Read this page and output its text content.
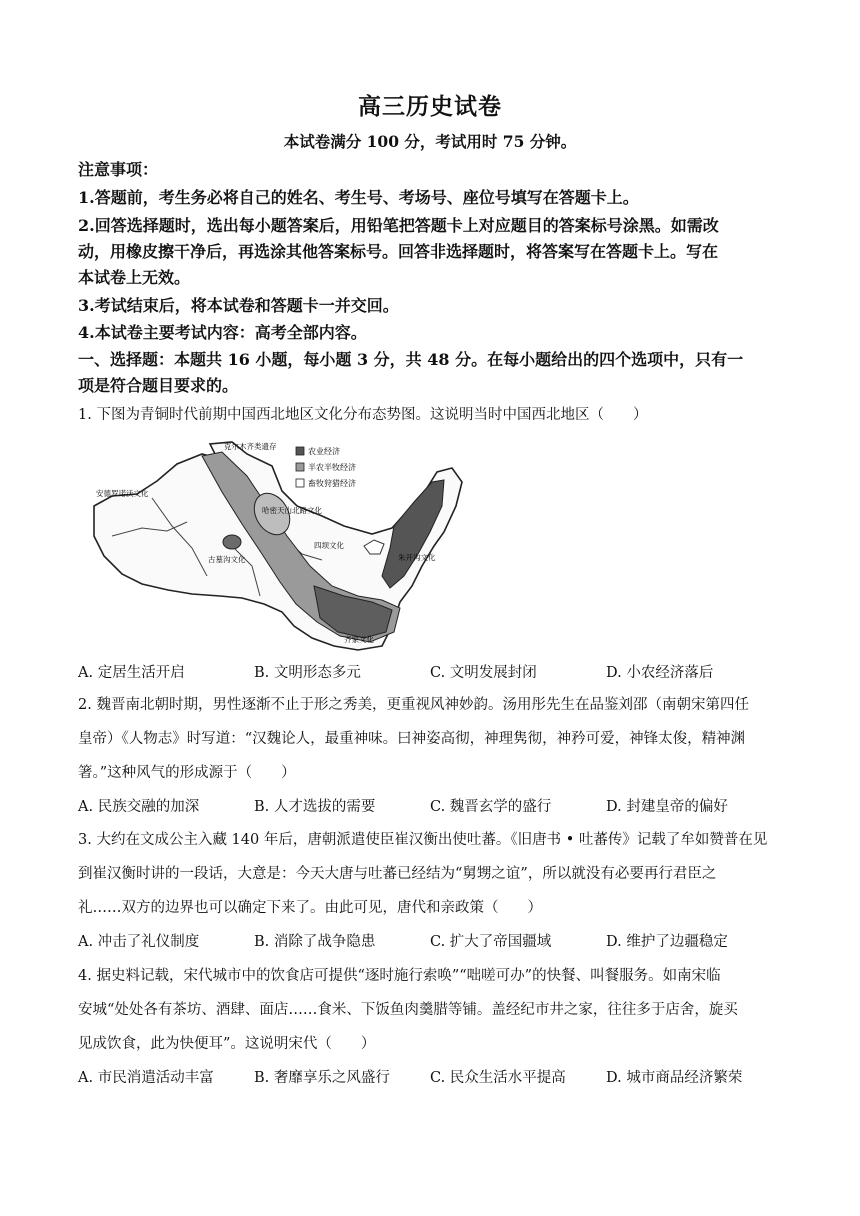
高三历史试卷
本试卷满分 100 分，考试用时 75 分钟。
注意事项：
1.答题前，考生务必将自己的姓名、考生号、考场号、座位号填写在答题卡上。
2.回答选择题时，选出每小题答案后，用铅笔把答题卡上对应题目的答案标号涂黑。如需改
动，用橡皮擦干净后，再选涂其他答案标号。回答非选择题时，将答案写在答题卡上。写在
本试卷上无效。
3.考试结束后，将本试卷和答题卡一并交回。
4.本试卷主要考试内容：高考全部内容。
一、选择题：本题共 16 小题，每小题 3 分，共 48 分。在每小题给出的四个选项中，只有一
项是符合题目要求的。
1. 下图为青铜时代前期中国西北地区文化分布态势图。这说明当时中国西北地区（　　）
农业经济
半农半牧经济
畜牧狩猎经济
克尔木齐类遗存
安德罗诺沃文化
哈密天山北路文化
古墓沟文化
四坝文化
齐家文化
朱开沟文化
A. 定居生活开启	B. 文明形态多元	C. 文明发展封闭	D. 小农经济落后
2. 魏晋南北朝时期，男性逐渐不止于形之秀美，更重视风神妙韵。汤用彤先生在品鉴刘邵（南朝宋第四任
皇帝）《人物志》时写道：“汉魏论人，最重神味。曰神姿高彻，神理隽彻，神矜可爱，神锋太俊，精神渊
箸。”这种风气的形成源于（　　）
A. 民族交融的加深	B. 人才选拔的需要	C. 魏晋玄学的盛行	D. 封建皇帝的偏好
3. 大约在文成公主入藏 140 年后，唐朝派遣使臣崔汉衡出使吐蕃。《旧唐书 • 吐蕃传》记载了牟如赞普在见
到崔汉衡时讲的一段话，大意是：今天大唐与吐蕃已经结为“舅甥之谊”，所以就没有必要再行君臣之
礼……双方的边界也可以确定下来了。由此可见，唐代和亲政策（　　）
A. 冲击了礼仪制度	B. 消除了战争隐患	C. 扩大了帝国疆域	D. 维护了边疆稳定
4. 据史料记载，宋代城市中的饮食店可提供“逐时施行索唤”“咄嗟可办”的快餐、叫餐服务。如南宋临
安城“处处各有茶坊、酒肆、面店……食米、下饭鱼肉羹腊等铺。盖经纪市井之家，往往多于店舍，旋买
见成饮食，此为快便耳”。这说明宋代（　　）
A. 市民消遣活动丰富	B. 奢靡享乐之风盛行	C. 民众生活水平提高	D. 城市商品经济繁荣
